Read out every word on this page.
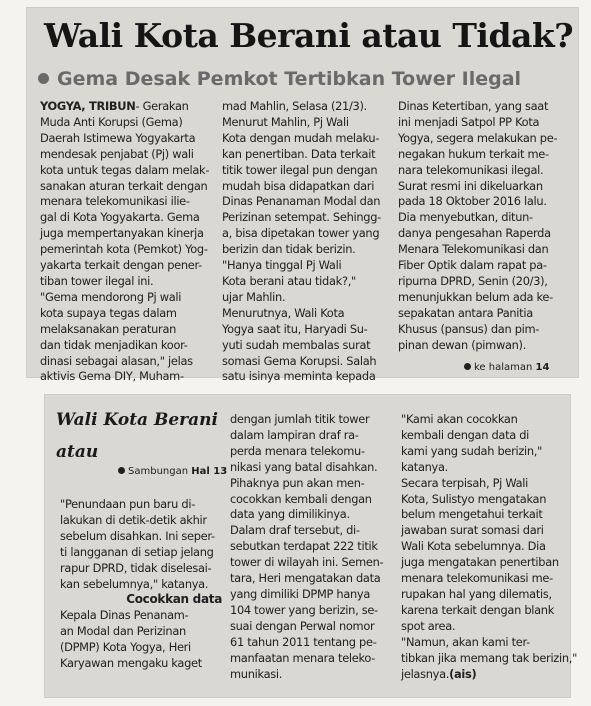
Wali Kota Berani atau Tidak?
Gema Desak Pemkot Tertibkan Tower Ilegal
YOGYA, TRIBUN- Gerakan
Muda Anti Korupsi (Gema)
Daerah Istimewa Yogyakarta
mendesak penjabat (Pj) wali
kota untuk tegas dalam melak-
sanakan aturan terkait dengan
menara telekomunikasi ilie-
gal di Kota Yogyakarta. Gema
juga mempertanyakan kinerja
pemerintah kota (Pemkot) Yog-
yakarta terkait dengan pener-
tiban tower ilegal ini.
"Gema mendorong Pj wali
kota supaya tegas dalam
melaksanakan peraturan
dan tidak menjadikan koor-
dinasi sebagai alasan," jelas
aktivis Gema DIY, Muham-
mad Mahlin, Selasa (21/3).
Menurut Mahlin, Pj Wali
Kota dengan mudah melaku-
kan penertiban. Data terkait
titik tower ilegal pun dengan
mudah bisa didapatkan dari
Dinas Penanaman Modal dan
Perizinan setempat. Sehingg-
a, bisa dipetakan tower yang
berizin dan tidak berizin.
"Hanya tinggal Pj Wali
Kota berani atau tidak?,"
ujar Mahlin.
Menurutnya, Wali Kota
Yogya saat itu, Haryadi Su-
yuti sudah membalas surat
somasi Gema Korupsi. Salah
satu isinya meminta kepada
Dinas Ketertiban, yang saat
ini menjadi Satpol PP Kota
Yogya, segera melakukan pe-
negakan hukum terkait me-
nara telekomunikasi ilegal.
Surat resmi ini dikeluarkan
pada 18 Oktober 2016 lalu.
Dia menyebutkan, ditun-
danya pengesahan Raperda
Menara Telekomunikasi dan
Fiber Optik dalam rapat pa-
ripurna DPRD, Senin (20/3),
menunjukkan belum ada ke-
sepakatan antara Panitia
Khusus (pansus) dan pim-
pinan dewan (pimwan).
ke halaman 14
Wali Kota Berani
atau
Sambungan Hal 13
"Penundaan pun baru di-
lakukan di detik-detik akhir
sebelum disahkan. Ini seper-
ti langganan di setiap jelang
rapur DPRD, tidak diselesai-
kan sebelumnya," katanya.
Cocokkan data
Kepala Dinas Penanam-
an Modal dan Perizinan
(DPMP) Kota Yogya, Heri
Karyawan mengaku kaget
dengan jumlah titik tower
dalam lampiran draf ra-
perda menara telekomu-
nikasi yang batal disahkan.
Pihaknya pun akan men-
cocokkan kembali dengan
data yang dimilikinya.
Dalam draf tersebut, di-
sebutkan terdapat 222 titik
tower di wilayah ini. Semen-
tara, Heri mengatakan data
yang dimiliki DPMP hanya
104 tower yang berizin, se-
suai dengan Perwal nomor
61 tahun 2011 tentang pe-
manfaatan menara teleko-
munikasi.
"Kami akan cocokkan
kembali dengan data di
kami yang sudah berizin,"
katanya.
Secara terpisah, Pj Wali
Kota, Sulistyo mengatakan
belum mengetahui terkait
jawaban surat somasi dari
Wali Kota sebelumnya. Dia
juga mengatakan penertiban
menara telekomunikasi me-
rupakan hal yang dilematis,
karena terkait dengan blank
spot area.
"Namun, akan kami ter-
tibkan jika memang tak berizin,"
jelasnya.(ais)
